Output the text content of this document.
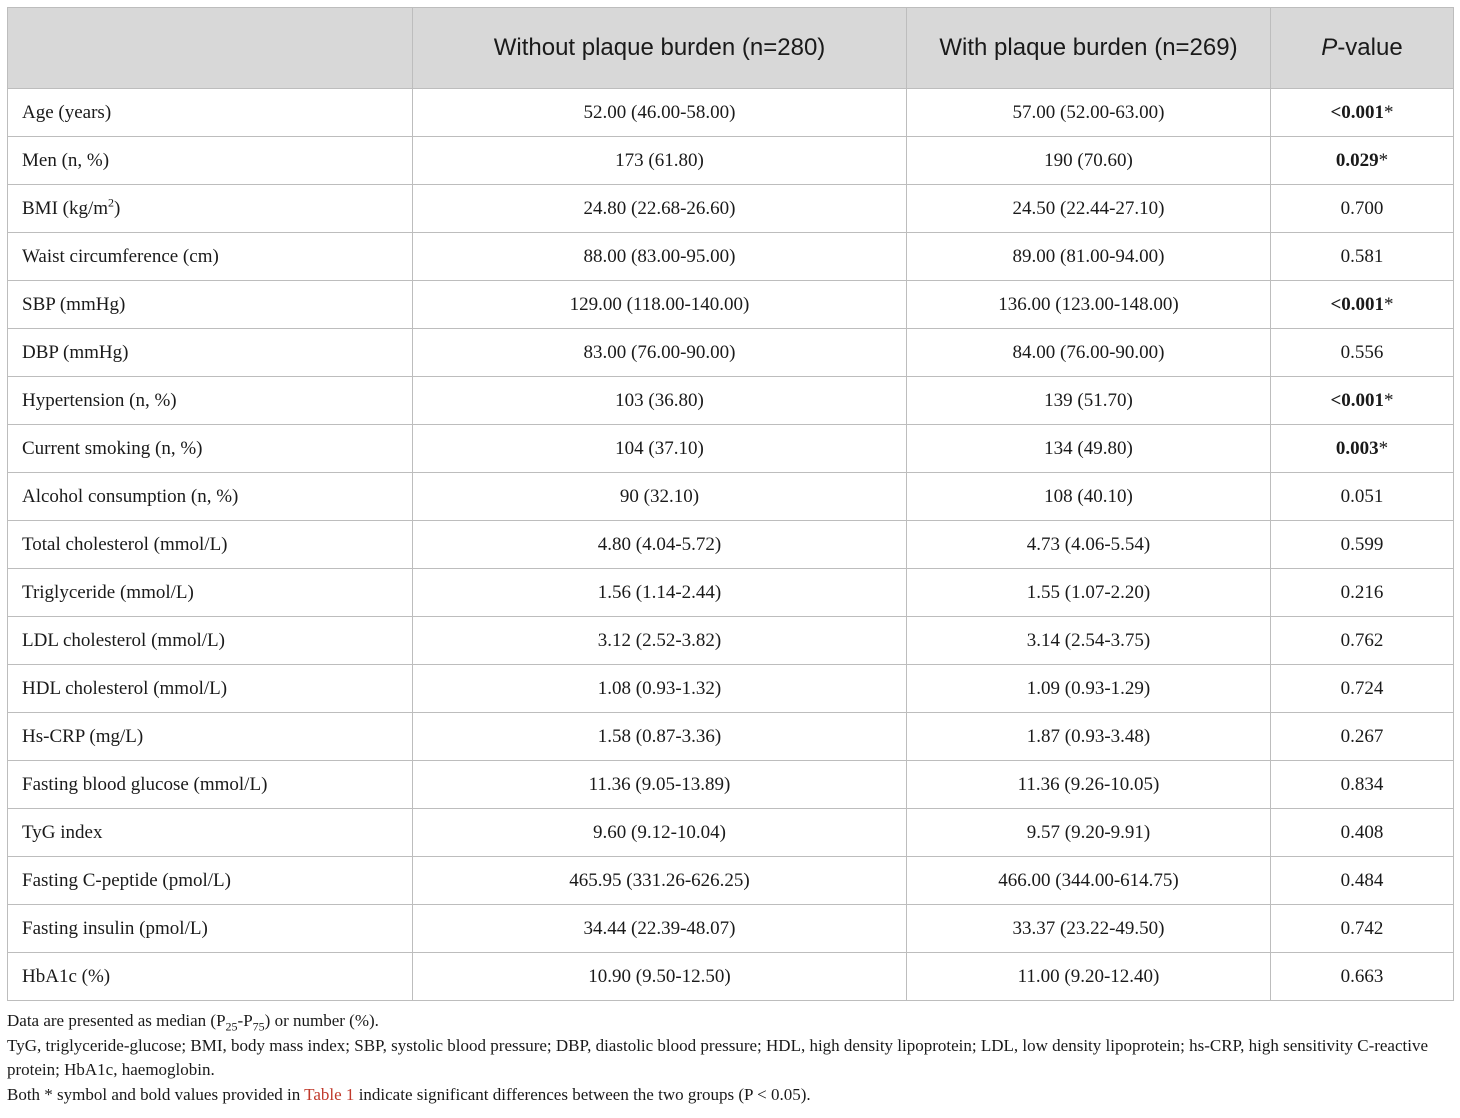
	Without plaque burden (n=280)	With plaque burden (n=269)	P-value
Age (years)	52.00 (46.00-58.00)	57.00 (52.00-63.00)	<0.001*
Men (n, %)	173 (61.80)	190 (70.60)	0.029*
BMI $(kg/m^2)$	24.80 (22.68-26.60)	24.50 (22.44-27.10)	0.700
Waist circumference (cm)	88.00 (83.00-95.00)	89.00 (81.00-94.00)	0.581
SBP (mmHg)	129.00 (118.00-140.00)	136.00 (123.00-148.00)	<0.001*
DBP (mmHg)	83.00 (76.00-90.00)	84.00 (76.00-90.00)	0.556
Hypertension (n, %)	103 (36.80)	139 (51.70)	<0.001*
Current smoking (n, %)	104 (37.10)	134 (49.80)	0.003*
Alcohol consumption (n, %)	90 (32.10)	108 (40.10)	0.051
Total cholesterol (mmol/L)	4.80 (4.04-5.72)	4.73 (4.06-5.54)	0.599
Triglyceride (mmol/L)	1.56 (1.14-2.44)	1.55 (1.07-2.20)	0.216
LDL cholesterol (mmol/L)	3.12 (2.52-3.82)	3.14 (2.54-3.75)	0.762
HDL cholesterol (mmol/L)	1.08 (0.93-1.32)	1.09 (0.93-1.29)	0.724
Hs-CRP (mg/L)	1.58 (0.87-3.36)	1.87 (0.93-3.48)	0.267
Fasting blood glucose (mmol/L)	11.36 (9.05-13.89)	11.36 (9.26-10.05)	0.834
TyG index	9.60 (9.12-10.04)	9.57 (9.20-9.91)	0.408
Fasting C-peptide (pmol/L)	465.95 (331.26-626.25)	466.00 (344.00-614.75)	0.484
Fasting insulin (pmol/L)	34.44 (22.39-48.07)	33.37 (23.22-49.50)	0.742
HbA1c (%)	10.90 (9.50-12.50)	11.00 (9.20-12.40)	0.663

Data are presented as median $(P_{25}-P_{75})$ or number (%).

TyG, triglyceride-glucose; BMI, body mass index; SBP, systolic blood pressure; DBP, diastolic blood pressure; HDL, high density lipoprotein; LDL, low density lipoprotein; hs-CRP, high sensitivity C-reactive protein; HbA1c, haemoglobin.

Both * symbol and bold values provided in Table 1 indicate significant differences between the two groups (P < 0.05).
